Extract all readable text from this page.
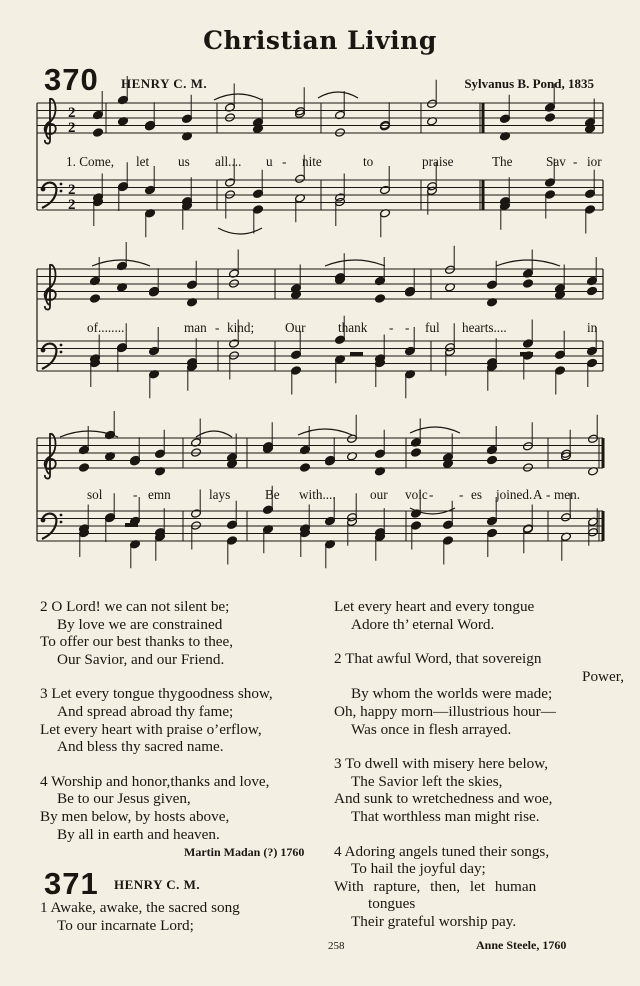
Christian Living
370 HENRY C. M.	Sylvanus B. Pond, 1835
2
2
2
2
1. Come, let us all.... u - nite	to	praise	The	Sav - ior
of........	man - kind; Our thank - - ful hearts....	in
sol - emn	lays	Be with....	our voic - - es joined. A - men.
2 O Lord! we can not silent be;
By love we are constrained
To offer our best thanks to thee,
Our Savior, and our Friend.
3 Let every tongue thygoodness show,
And spread abroad thy fame;
Let every heart with praise o’erflow,
And bless thy sacred name.
4 Worship and honor,thanks and love,
Be to our Jesus given,
By men below, by hosts above,
By all in earth and heaven.
Martin Madan (?) 1760
371 HENRY C. M.
1 Awake, awake, the sacred song
To our incarnate Lord;
Let every heart and every tongue
Adore th’ eternal Word.
2 That awful Word, that sovereign
Power,
By whom the worlds were made;
Oh, happy morn—illustrious hour—
Was once in flesh arrayed.
3 To dwell with misery here below,
The Savior left the skies,
And sunk to wretchedness and woe,
That worthless man might rise.
4 Adoring angels tuned their songs,
To hail the joyful day;
With rapture, then, let human
tongues
Their grateful worship pay.
258	Anne Steele, 1760
